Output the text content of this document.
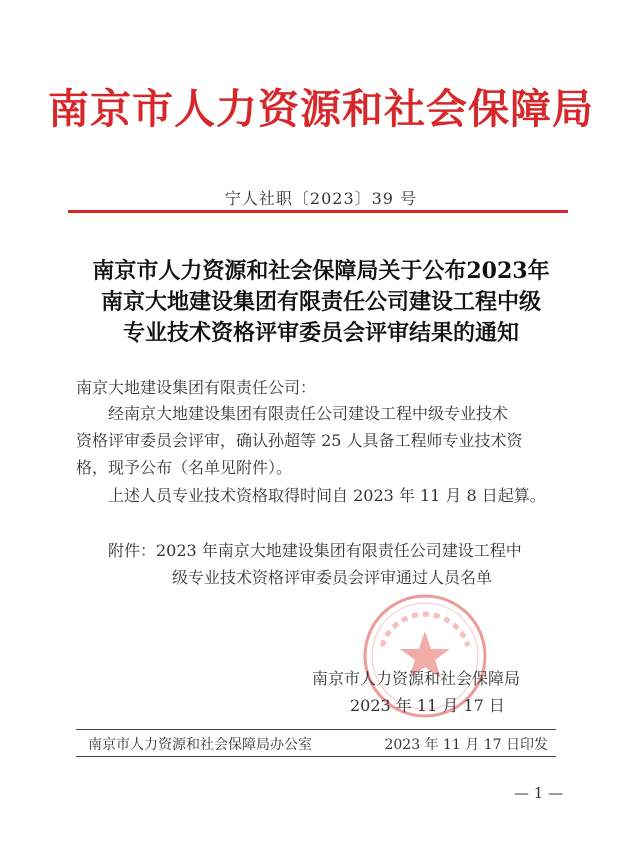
南京市人力资源和社会保障局
宁人社职〔2023〕39 号
南京市人力资源和社会保障局关于公布2023年
南京大地建设集团有限责任公司建设工程中级
专业技术资格评审委员会评审结果的通知
南京大地建设集团有限责任公司：
经南京大地建设集团有限责任公司建设工程中级专业技术
资格评审委员会评审，确认孙超等 25 人具备工程师专业技术资
格，现予公布（名单见附件）。
上述人员专业技术资格取得时间自 2023 年 11 月 8 日起算。
附件：2023 年南京大地建设集团有限责任公司建设工程中
级专业技术资格评审委员会评审通过人员名单
南京市人力资源和社会保障局
2023 年 11 月 17 日
南京市人力资源和社会保障局办公室	2023 年 11 月 17 日印发
— 1 —
